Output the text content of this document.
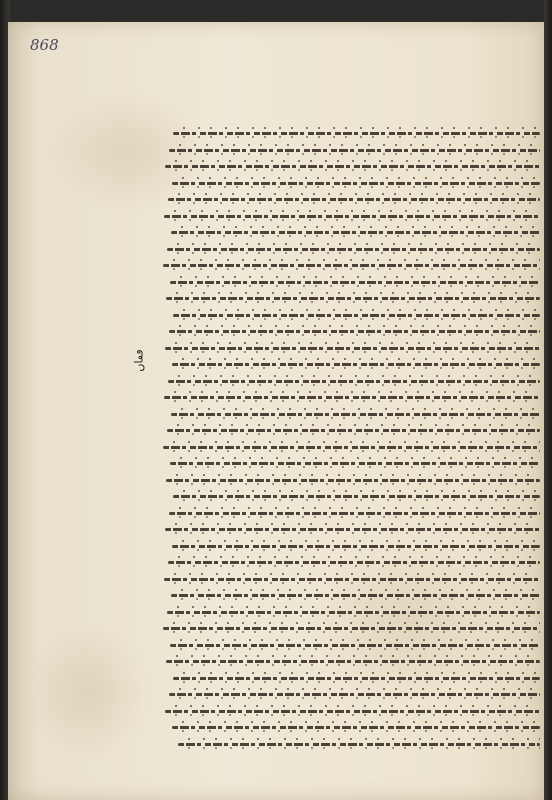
868
ٯٯاں
